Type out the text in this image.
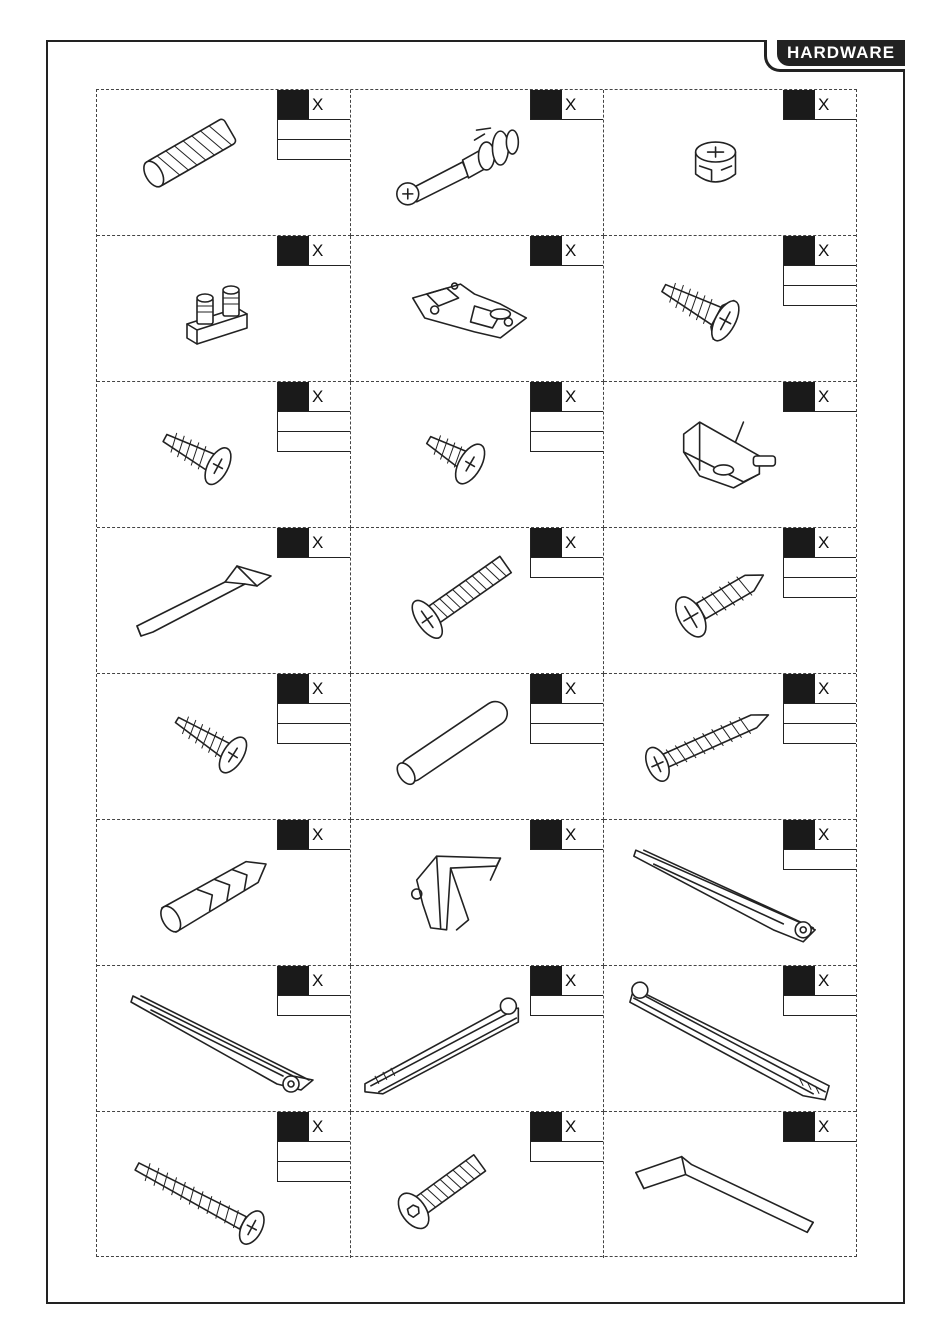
HARDWARE
X	X	X
X	X	X
X	X	X
X	X	X
X	X	X
X	X	X
X	X	X
X	X	X
